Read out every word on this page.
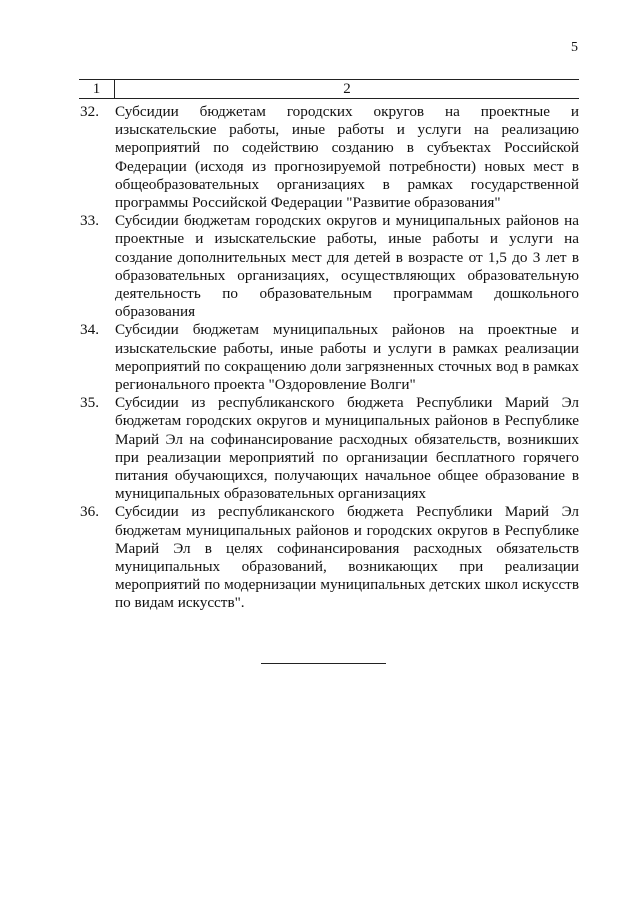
5
1	2
32. Субсидии бюджетам городских округов на проектные и изыскательские работы, иные работы и услуги на реализацию мероприятий по содействию созданию в субъектах Российской Федерации (исходя из прогнозируемой потребности) новых мест в общеобразовательных организациях в рамках государственной программы Российской Федерации "Развитие образования"
33. Субсидии бюджетам городских округов и муниципальных районов на проектные и изыскательские работы, иные работы и услуги на создание дополнительных мест для детей в возрасте от 1,5 до 3 лет в образовательных организациях, осуществляющих образовательную деятельность по образовательным программам дошкольного образования
34. Субсидии бюджетам муниципальных районов на проектные и изыскательские работы, иные работы и услуги в рамках реализации мероприятий по сокращению доли загрязненных сточных вод в рамках регионального проекта "Оздоровление Волги"
35. Субсидии из республиканского бюджета Республики Марий Эл бюджетам городских округов и муниципальных районов в Республике Марий Эл на софинансирование расходных обязательств, возникших при реализации мероприятий по организации бесплатного горячего питания обучающихся, получающих начальное общее образование в муниципальных образовательных организациях
36. Субсидии из республиканского бюджета Республики Марий Эл бюджетам муниципальных районов и городских округов в Республике Марий Эл в целях софинансирования расходных обязательств муниципальных образований, возникающих при реализации мероприятий по модернизации муниципальных детских школ искусств по видам искусств".
